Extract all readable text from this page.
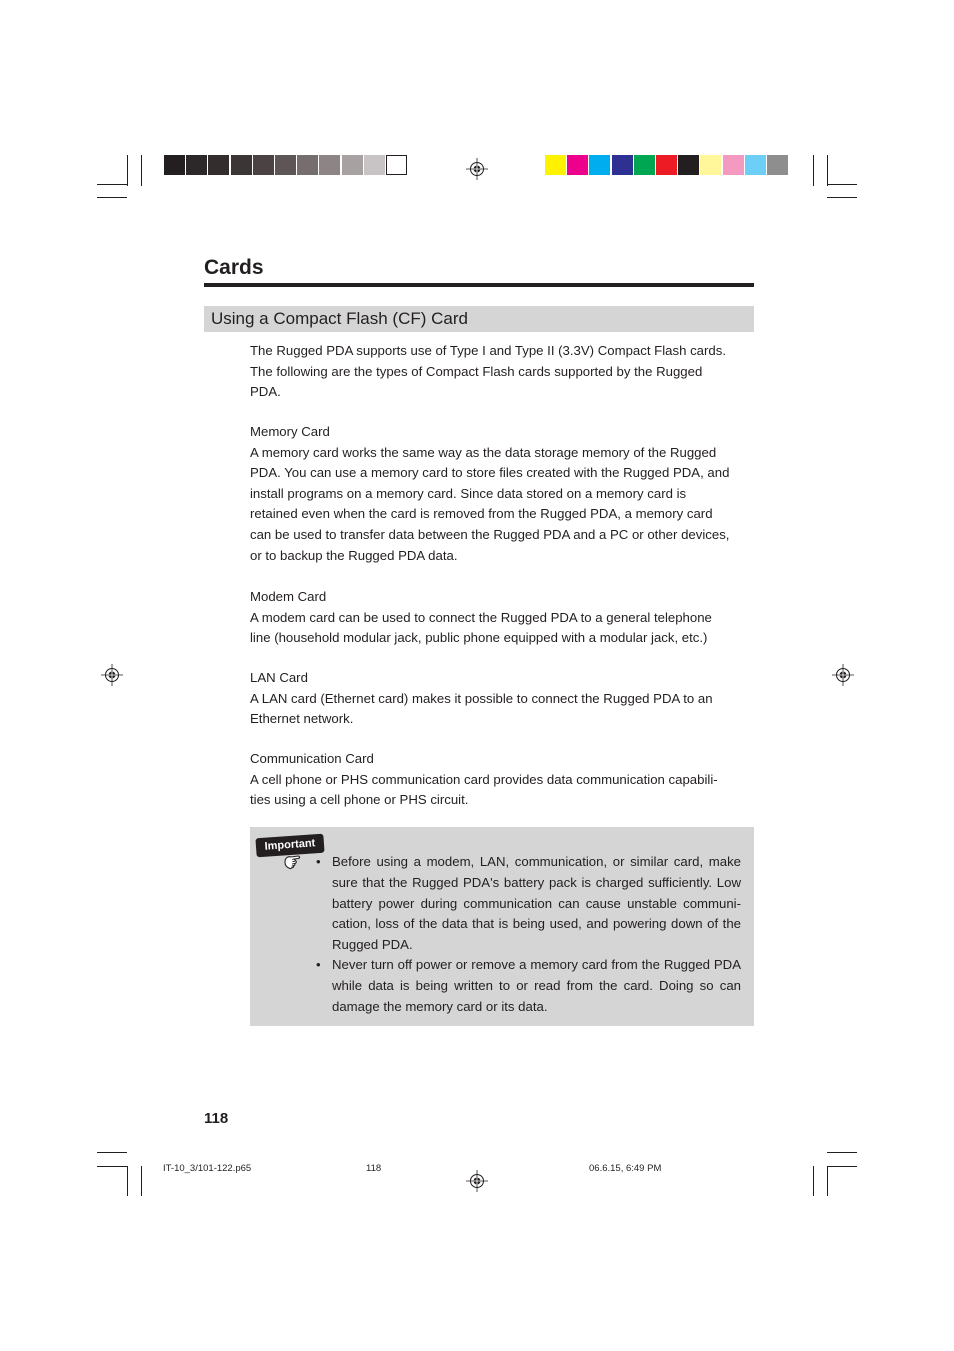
Cards
Using a Compact Flash (CF) Card

The Rugged PDA supports use of Type I and Type II (3.3V) Compact Flash cards.

The following are the types of Compact Flash cards supported by the Rugged

PDA.

Memory Card

A memory card works the same way as the data storage memory of the Rugged

PDA. You can use a memory card to store files created with the Rugged PDA, and

install programs on a memory card. Since data stored on a memory card is

retained even when the card is removed from the Rugged PDA, a memory card

can be used to transfer data between the Rugged PDA and a PC or other devices,

or to backup the Rugged PDA data.

Modem Card

A modem card can be used to connect the Rugged PDA to a general telephone

line (household modular jack, public phone equipped with a modular jack, etc.)

LAN Card

A LAN card (Ethernet card) makes it possible to connect the Rugged PDA to an

Ethernet network.

Communication Card

A cell phone or PHS communication card provides data communication capabili-

ties using a cell phone or PHS circuit.

Important
• Before using a modem, LAN, communication, or similar card, make sure that the Rugged PDA's battery pack is charged sufficiently. Low battery power during communication can cause unstable communi-cation, loss of the data that is being used, and powering down of the Rugged PDA.
• Never turn off power or remove a memory card from the Rugged PDA while data is being written to or read from the card. Doing so can damage the memory card or its data.
118
IT-10_3/101-122.p65	118	06.6.15, 6:49 PM
